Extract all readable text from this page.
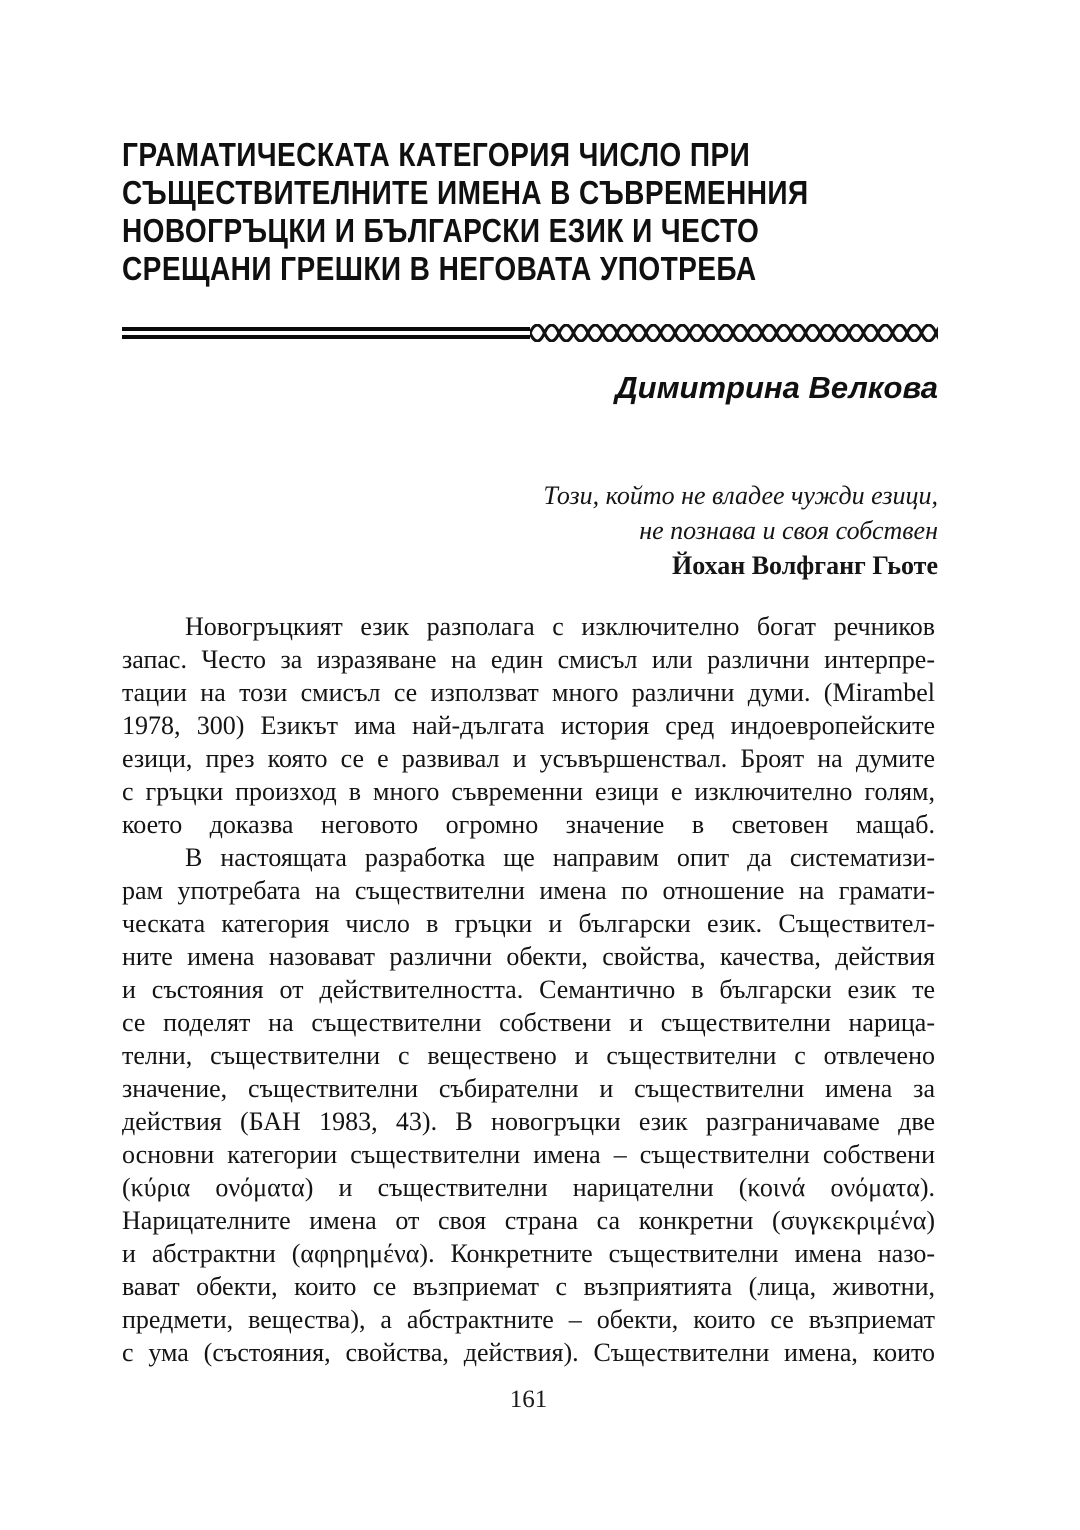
ГРАМАТИЧЕСКАТА КАТЕГОРИЯ ЧИСЛО ПРИ
СЪЩЕСТВИТЕЛНИТЕ ИМЕНА В СЪВРЕМЕННИЯ
НОВОГРЪЦКИ И БЪЛГАРСКИ ЕЗИК И ЧЕСТО
СРЕЩАНИ ГРЕШКИ В НЕГОВАТА УПОТРЕБА
Димитрина Велкова
Този, който не владее чужди езици,
не познава и своя собствен
Йохан Волфганг Гьоте
Новогръцкият език разполага с изключително богат речников
запас. Често за изразяване на един смисъл или различни интерпре-
тации на този смисъл се използват много различни думи. (Mirambel
1978, 300) Езикът има най-дългата история сред индоевропейските
езици, през която се е развивал и усъвършенствал. Броят на думите
с гръцки произход в много съвременни езици е изключително голям,
което доказва неговото огромно значение в световен мащаб.
В настоящата разработка ще направим опит да систематизи-
рам употребата на съществителни имена по отношение на грамати-
ческата категория число в гръцки и български език. Съществител-
ните имена назовават различни обекти, свойства, качества, действия
и състояния от действителността. Семантично в български език те
се поделят на съществителни собствени и съществителни нарица-
телни, съществителни с веществено и съществителни с отвлечено
значение, съществителни събирателни и съществителни имена за
действия (БАН 1983, 43). В новогръцки език разграничаваме две
основни категории съществителни имена – съществителни собствени
(κύρια ονόματα) и съществителни нарицателни (κοινά ονόματα).
Нарицателните имена от своя страна са конкретни (συγκεκριμένα)
и абстрактни (αφηρημένα). Конкретните съществителни имена назо-
вават обекти, които се възприемат с възприятията (лица, животни,
предмети, вещества), а абстрактните – обекти, които се възприемат
с ума (състояния, свойства, действия). Съществителни имена, които
161
